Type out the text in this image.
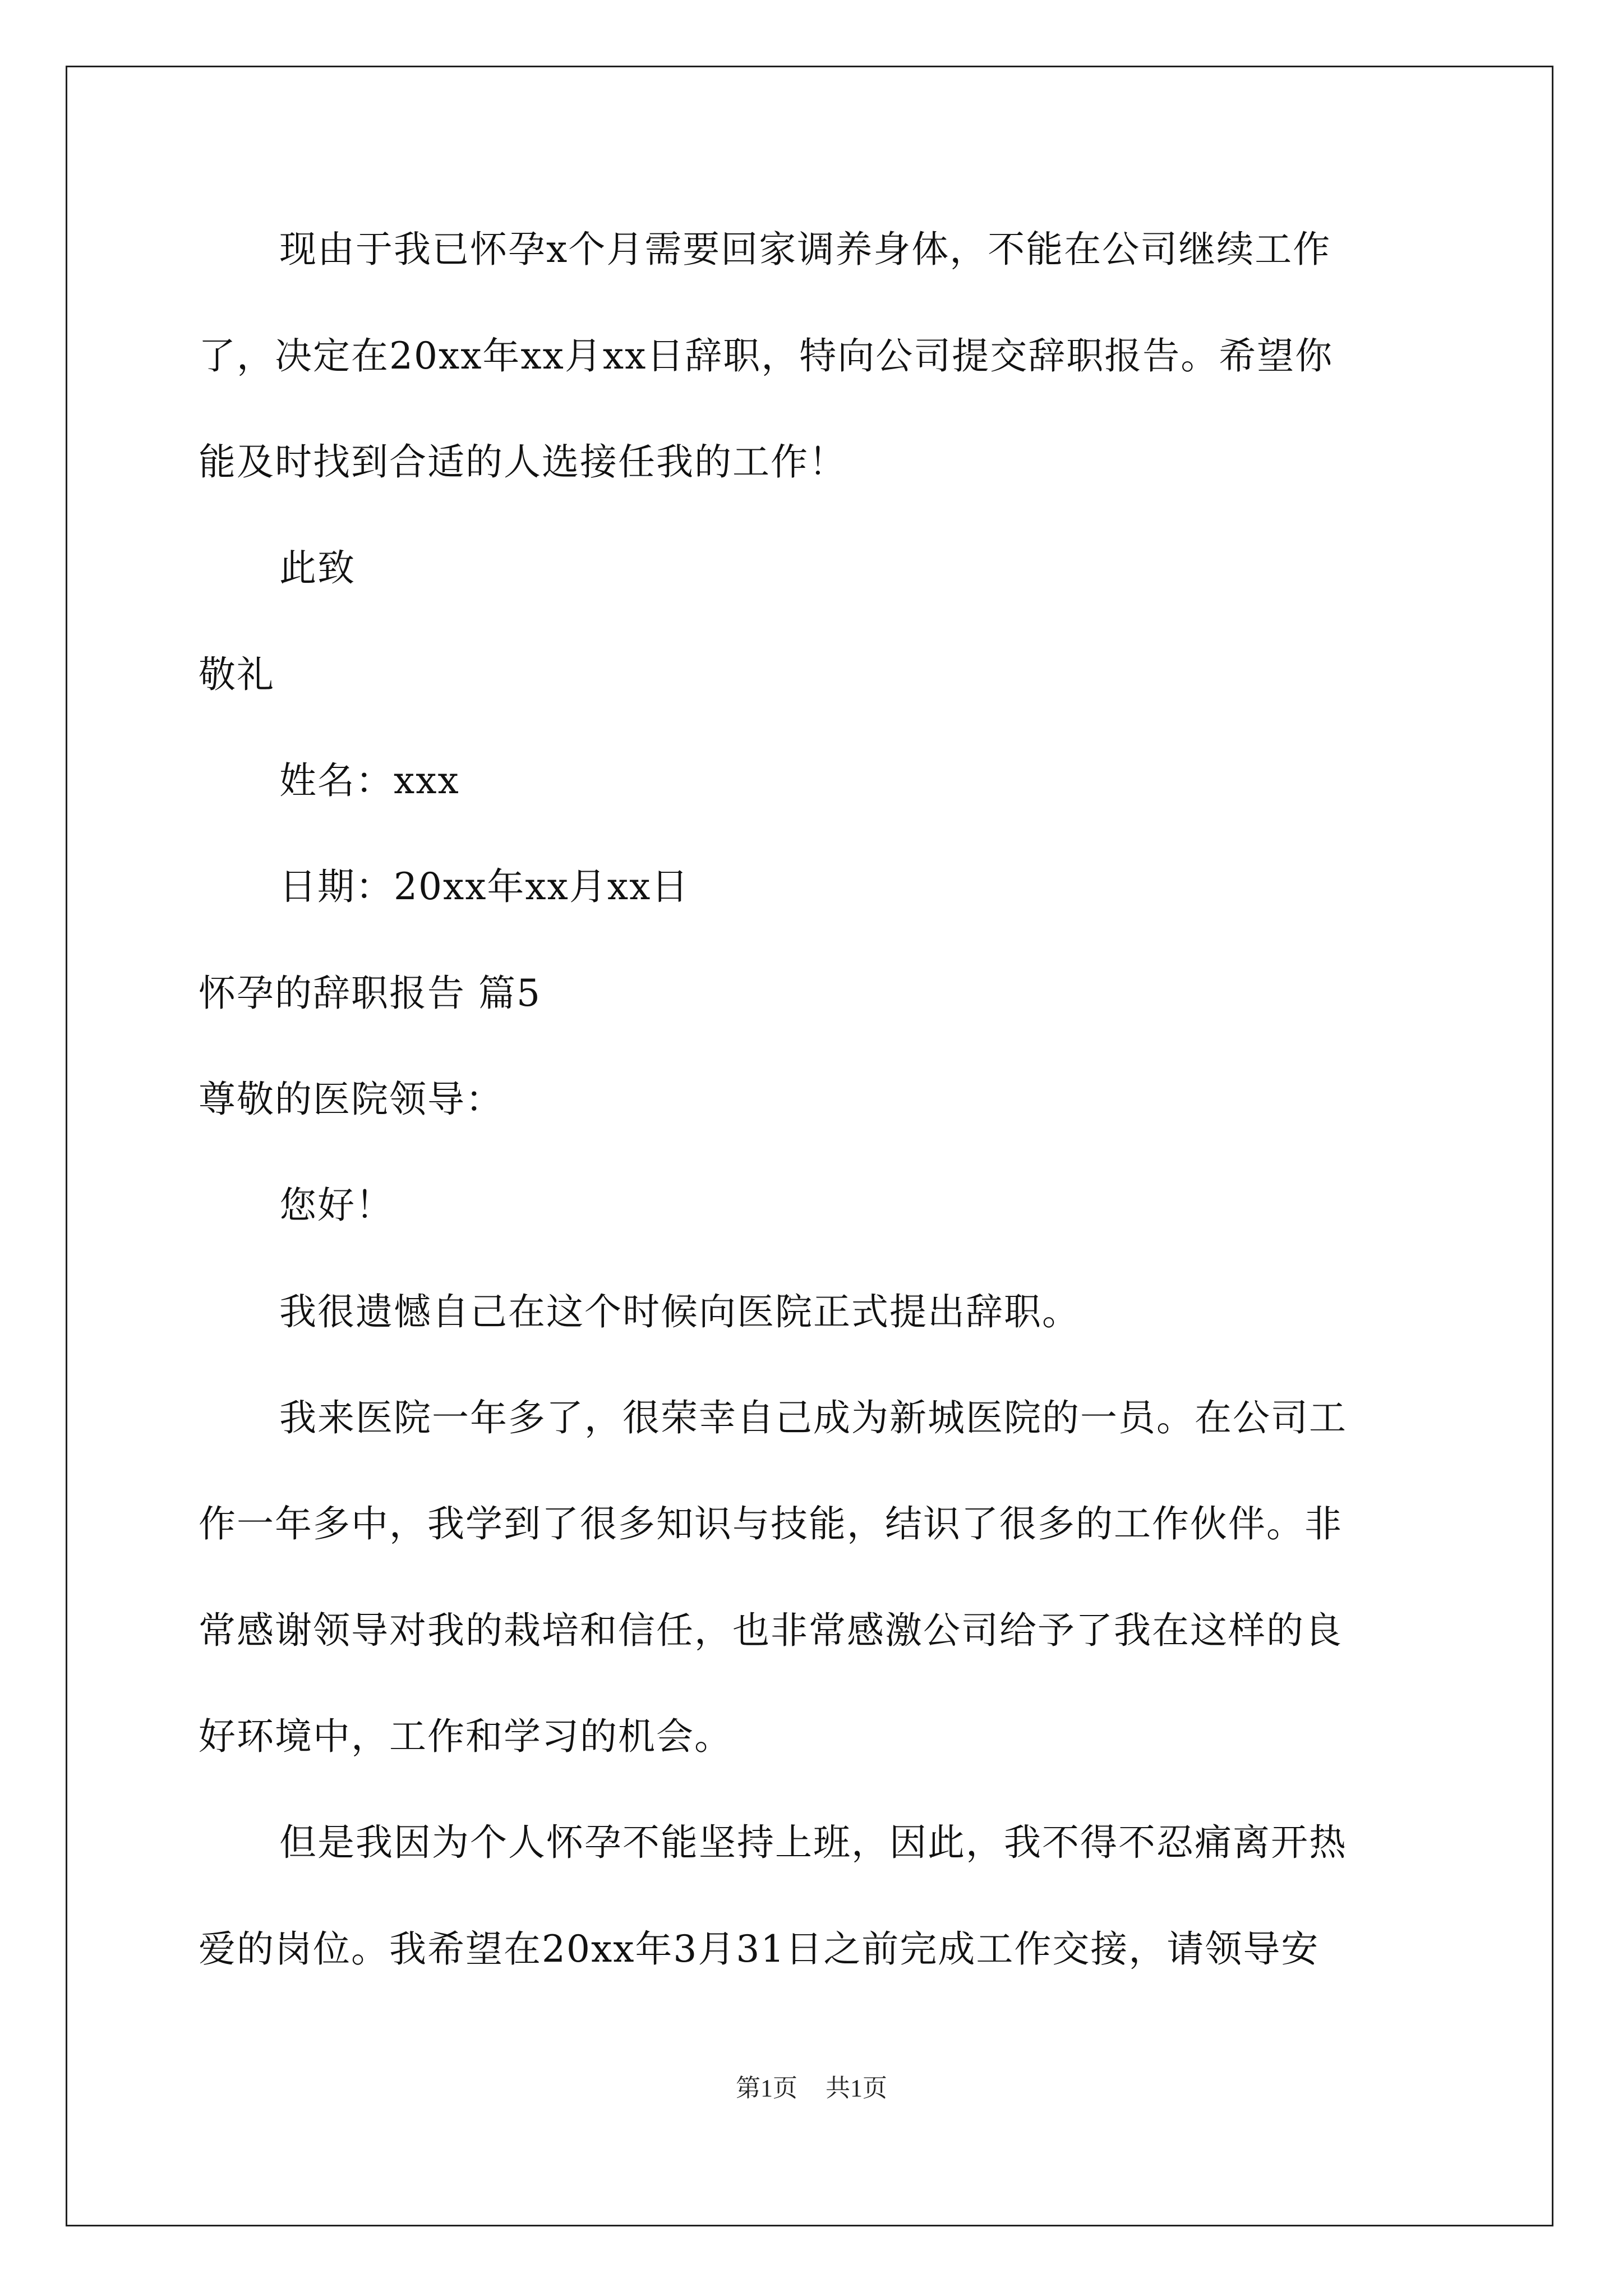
现由于我已怀孕x个月需要回家调养身体，不能在公司继续工作
了，决定在20xx年xx月xx日辞职，特向公司提交辞职报告。希望你
能及时找到合适的人选接任我的工作！
此致
敬礼
姓名：xxx
日期：20xx年xx月xx日
怀孕的辞职报告 篇5
尊敬的医院领导：
您好！
我很遗憾自己在这个时候向医院正式提出辞职。
我来医院一年多了，很荣幸自己成为新城医院的一员。在公司工
作一年多中，我学到了很多知识与技能，结识了很多的工作伙伴。非
常感谢领导对我的栽培和信任，也非常感激公司给予了我在这样的良
好环境中，工作和学习的机会。
但是我因为个人怀孕不能坚持上班，因此，我不得不忍痛离开热
爱的岗位。我希望在20xx年3月31日之前完成工作交接，请领导安
第1页 共1页
